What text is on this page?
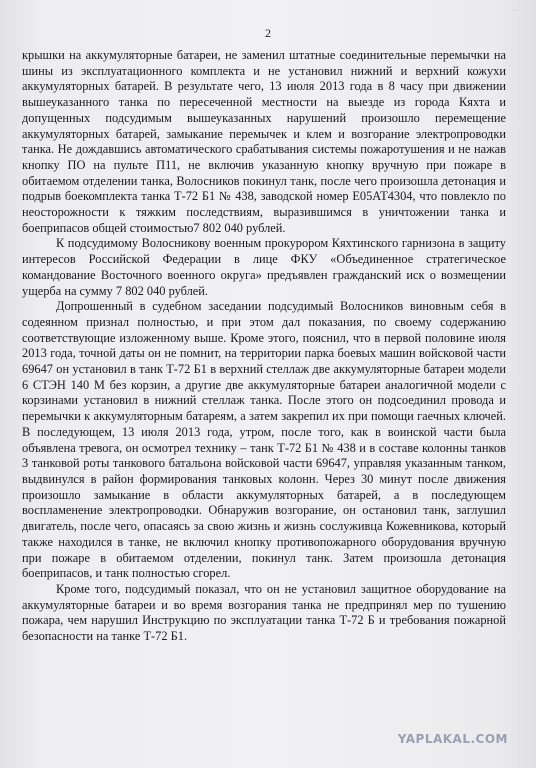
...
2

крышки на аккумуляторные батареи, не заменил штатные соединительные перемычки на шины из эксплуатационного комплекта и не установил нижний и верхний кожухи аккумуляторных батарей. В результате чего, 13 июля 2013 года в 8 часу при движении вышеуказанного танка по пересеченной местности на выезде из города Кяхта и допущенных подсудимым вышеуказанных нарушений произошло перемещение аккумуляторных батарей, замыкание перемычек и клем и возгорание электропроводки танка. Не дождавшись автоматического срабатывания системы пожаротушения и не нажав кнопку ПО на пульте П11, не включив указанную кнопку вручную при пожаре в обитаемом отделении танка, Волосников покинул танк, после чего произошла детонация и подрыв боекомплекта танка Т-72 Б1 № 438, заводской номер Е05АТ4304, что повлекло по неосторожности к тяжким последствиям, выразившимся в уничтожении танка и боеприпасов общей стоимостью7 802 040 рублей.

К подсудимому Волосникову военным прокурором Кяхтинского гарнизона в защиту интересов Российской Федерации в лице ФКУ «Объединенное стратегическое командование Восточного военного округа» предъявлен гражданский иск о возмещении ущерба на сумму 7 802 040 рублей.

Допрошенный в судебном заседании подсудимый Волосников виновным себя в содеянном признал полностью, и при этом дал показания, по своему содержанию соответствующие изложенному выше. Кроме этого, пояснил, что в первой половине июля 2013 года, точной даты он не помнит, на территории парка боевых машин войсковой части 69647 он установил в танк Т-72 Б1 в верхний стеллаж две аккумуляторные батареи модели 6 СТЭН 140 М без корзин, а другие две аккумуляторные батареи аналогичной модели с корзинами установил в нижний стеллаж танка. После этого он подсоединил провода и перемычки к аккумуляторным батареям, а затем закрепил их при помощи гаечных ключей. В последующем, 13 июля 2013 года, утром, после того, как в воинской части была объявлена тревога, он осмотрел технику – танк Т-72 Б1 № 438 и в составе колонны танков 3 танковой роты танкового батальона войсковой части 69647, управляя указанным танком, выдвинулся в район формирования танковых колонн. Через 30 минут после движения произошло замыкание в области аккумуляторных батарей, а в последующем воспламенение электропроводки. Обнаружив возгорание, он остановил танк, заглушил двигатель, после чего, опасаясь за свою жизнь и жизнь сослуживца Кожевникова, который также находился в танке, не включил кнопку противопожарного оборудования вручную при пожаре в обитаемом отделении, покинул танк. Затем произошла детонация боеприпасов, и танк полностью сгорел.

Кроме того, подсудимый показал, что он не установил защитное оборудование на аккумуляторные батареи и во время возгорания танка не предпринял мер по тушению пожара, чем нарушил Инструкцию по эксплуатации танка Т-72 Б и требования пожарной безопасности на танке Т-72 Б1.

YAPLAKAL.COM
